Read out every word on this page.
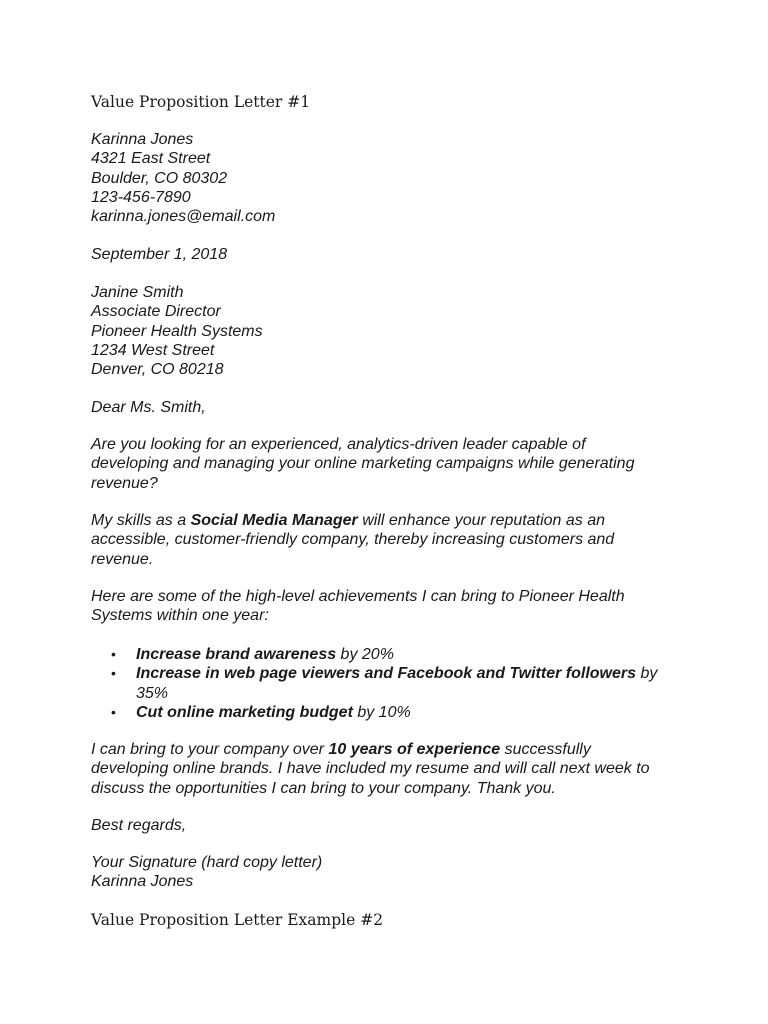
Value Proposition Letter #1
Karinna Jones
4321 East Street
Boulder, CO 80302
123-456-7890
karinna.jones@email.com
September 1, 2018
Janine Smith
Associate Director
Pioneer Health Systems
1234 West Street
Denver, CO 80218
Dear Ms. Smith,
Are you looking for an experienced, analytics-driven leader capable of
developing and managing your online marketing campaigns while generating
revenue?
My skills as a Social Media Manager will enhance your reputation as an
accessible, customer-friendly company, thereby increasing customers and
revenue.
Here are some of the high-level achievements I can bring to Pioneer Health
Systems within one year:
• Increase brand awareness by 20%
• Increase in web page viewers and Facebook and Twitter followers by
35%
• Cut online marketing budget by 10%
I can bring to your company over 10 years of experience successfully
developing online brands. I have included my resume and will call next week to
discuss the opportunities I can bring to your company. Thank you.
Best regards,
Your Signature (hard copy letter)
Karinna Jones
Value Proposition Letter Example #2
